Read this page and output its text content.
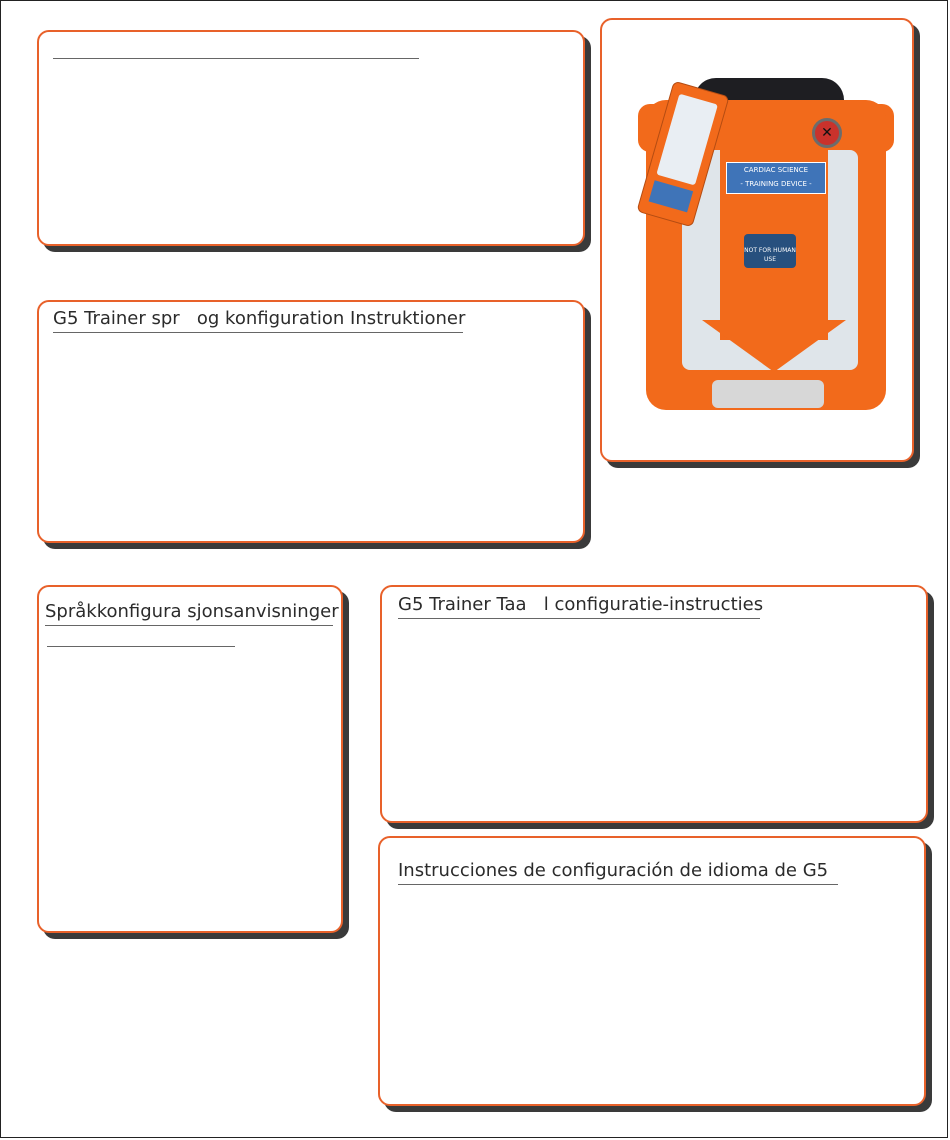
CARDIAC SCIENCE
- TRAINING DEVICE -
NOT FOR HUMAN USE
✕
G5 Trainer spr   og konfiguration Instruktioner
Språkkonfigura sjonsanvisninger	G5 Trainer Taa   l configuratie-instructies
Instrucciones de configuración de idioma de G5
